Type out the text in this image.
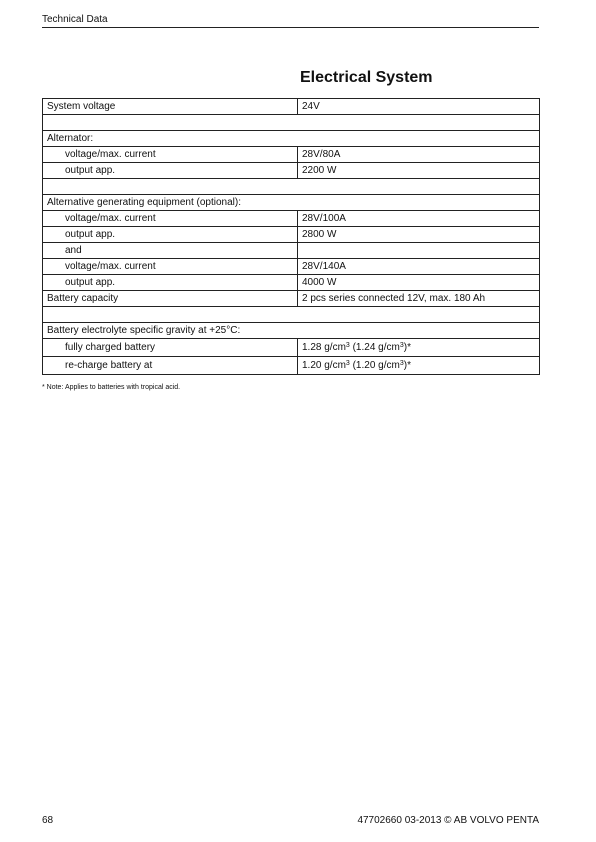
Technical Data
Electrical System
System voltage	24V

Alternator:	
voltage/max. current	28V/80A
output app.	2200 W

Alternative generating equipment (optional):	
voltage/max. current	28V/100A
output app.	2800 W
and	
voltage/max. current	28V/140A
output app.	4000 W
Battery capacity	2 pcs series connected 12V, max. 180 Ah

Battery electrolyte specific gravity at +25°C:	
fully charged battery	1.28 $g/cm^3$ (1.24 $g/cm^3)*$
re-charge battery at	1.20 $g/cm^3$ (1.20 $g/cm^3)*$
* Note: Applies to batteries with tropical acid.
68	47702660 03-2013 © AB VOLVO PENTA
